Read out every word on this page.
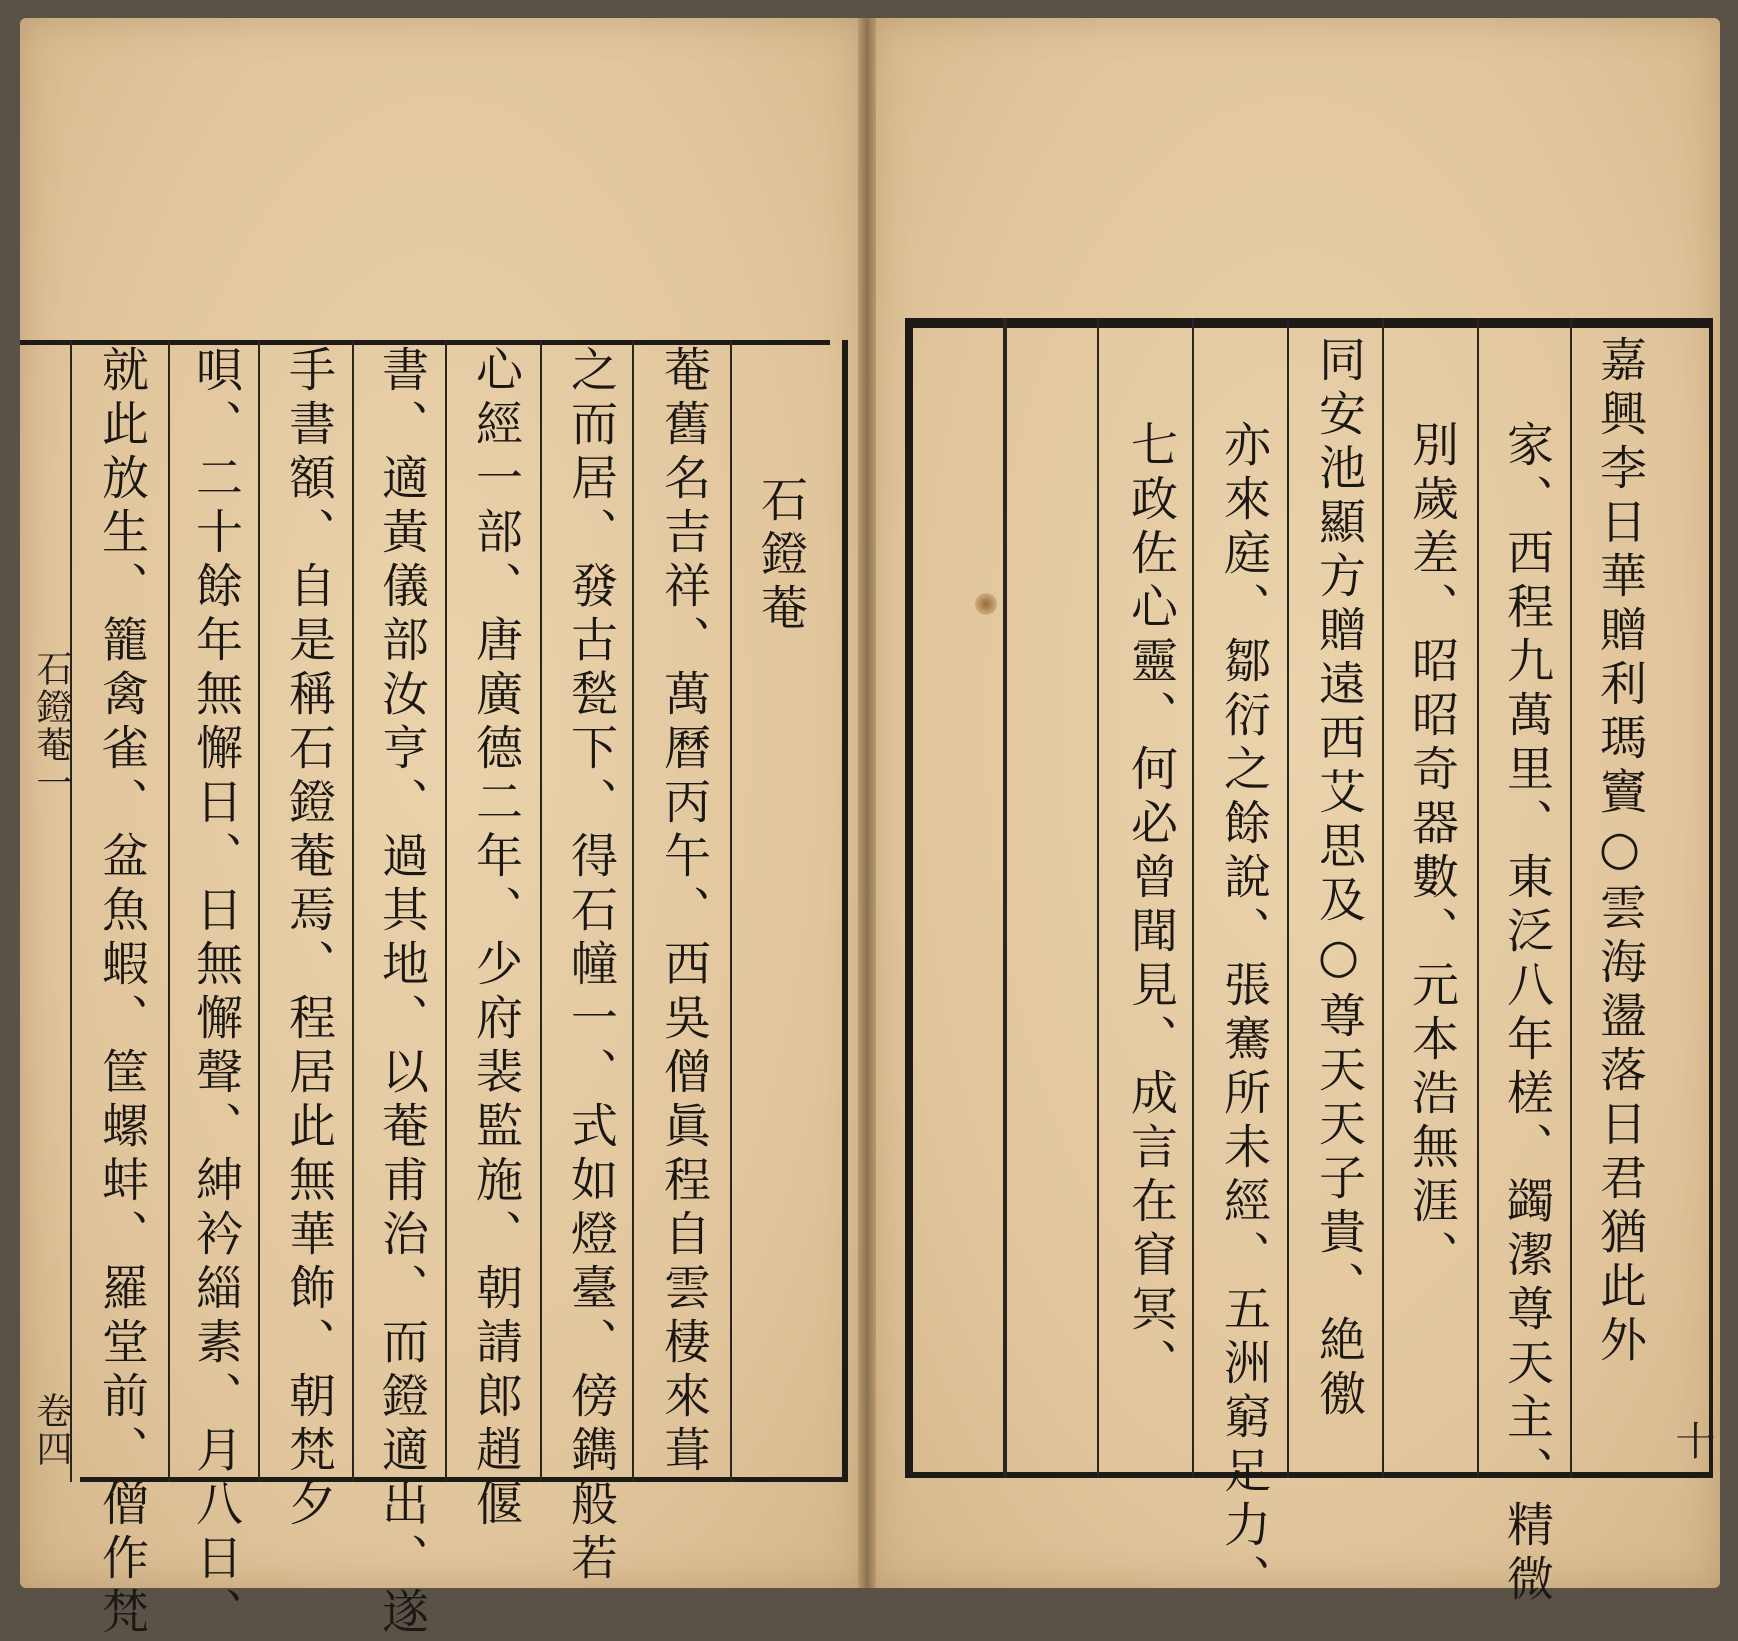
石鐙菴一
卷四
石鐙菴
菴舊名吉祥、萬曆丙午、西吳僧眞程自雲棲來葺
之而居、發古甃下、得石幢一、式如燈臺、傍鐫般若
心經一部、唐廣德二年、少府裴監施、朝請郎趙偃
書、適黃儀部汝亨、過其地、以菴甫治、而鐙適出、遂
手書額、自是稱石鐙菴焉、程居此無華飾、朝梵夕
唄、二十餘年無懈日、日無懈聲、紳衿緇素、月八日、
就此放生、籠禽雀、盆魚蝦、筐螺蚌、羅堂前、僧作梵	嘉興李日華贈利瑪竇○雲海盪落日君猶此外
家、西程九萬里、東泛八年槎、蠲潔尊天主、精微
別歲差、昭昭奇器數、元本浩無涯、
同安池顯方贈遠西艾思及○尊天天子貴、絶徼
亦來庭、鄒衍之餘說、張騫所未經、五洲窮足力、
七政佐心靈、何必曾聞見、成言在窅冥、
十
